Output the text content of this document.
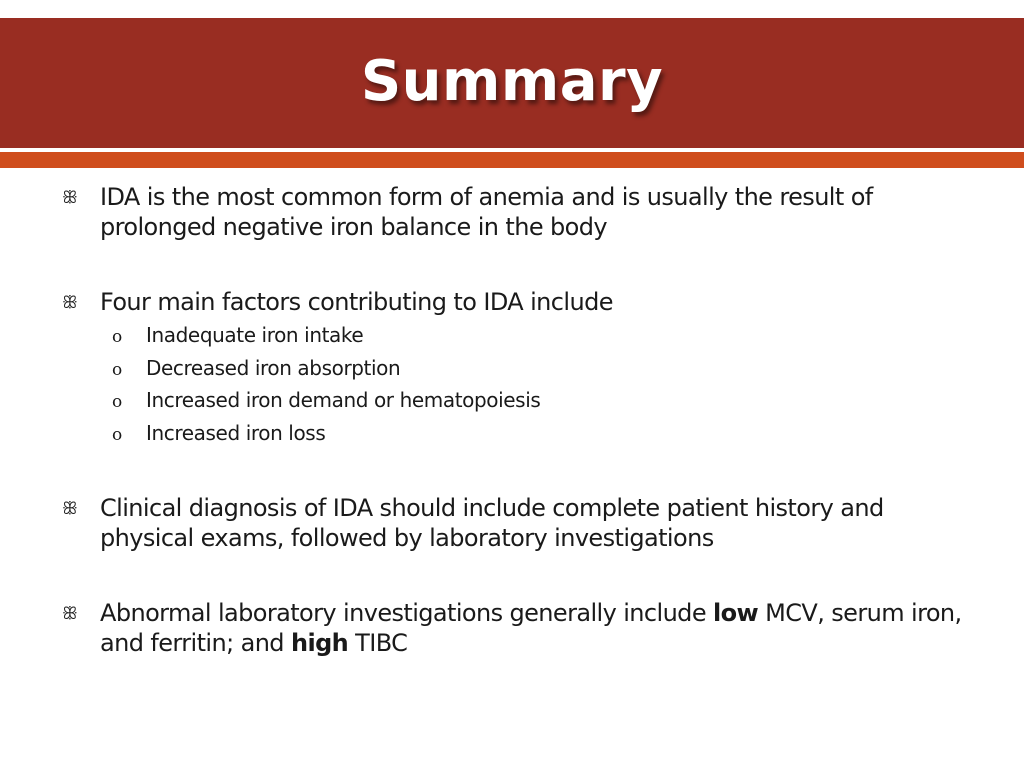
Summary
ꕥ IDA is the most common form of anemia and is usually the result of prolonged negative iron balance in the body
ꕥ Four main factors contributing to IDA include
o Inadequate iron intake
o Decreased iron absorption
o Increased iron demand or hematopoiesis
o Increased iron loss
ꕥ Clinical diagnosis of IDA should include complete patient history and physical exams, followed by laboratory investigations
ꕥ Abnormal laboratory investigations generally include low MCV, serum iron, and ferritin; and high TIBC
